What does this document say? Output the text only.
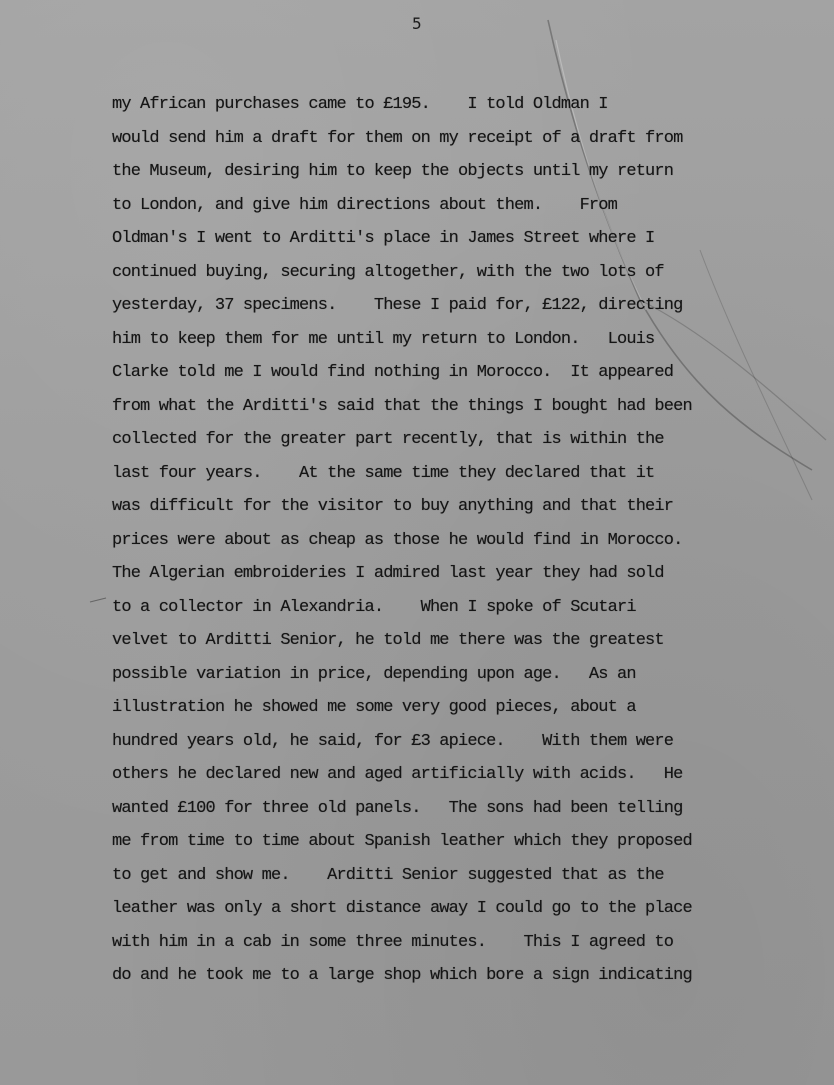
5
my African purchases came to £195.    I told Oldman I
would send him a draft for them on my receipt of a draft from
the Museum, desiring him to keep the objects until my return
to London, and give him directions about them.    From
Oldman's I went to Arditti's place in James Street where I
continued buying, securing altogether, with the two lots of
yesterday, 37 specimens.    These I paid for, £122, directing
him to keep them for me until my return to London.   Louis
Clarke told me I would find nothing in Morocco.  It appeared
from what the Arditti's said that the things I bought had been
collected for the greater part recently, that is within the
last four years.    At the same time they declared that it
was difficult for the visitor to buy anything and that their
prices were about as cheap as those he would find in Morocco.
The Algerian embroideries I admired last year they had sold
to a collector in Alexandria.    When I spoke of Scutari
velvet to Arditti Senior, he told me there was the greatest
possible variation in price, depending upon age.   As an
illustration he showed me some very good pieces, about a
hundred years old, he said, for £3 apiece.    With them were
others he declared new and aged artificially with acids.   He
wanted £100 for three old panels.   The sons had been telling
me from time to time about Spanish leather which they proposed
to get and show me.    Arditti Senior suggested that as the
leather was only a short distance away I could go to the place
with him in a cab in some three minutes.    This I agreed to
do and he took me to a large shop which bore a sign indicating
